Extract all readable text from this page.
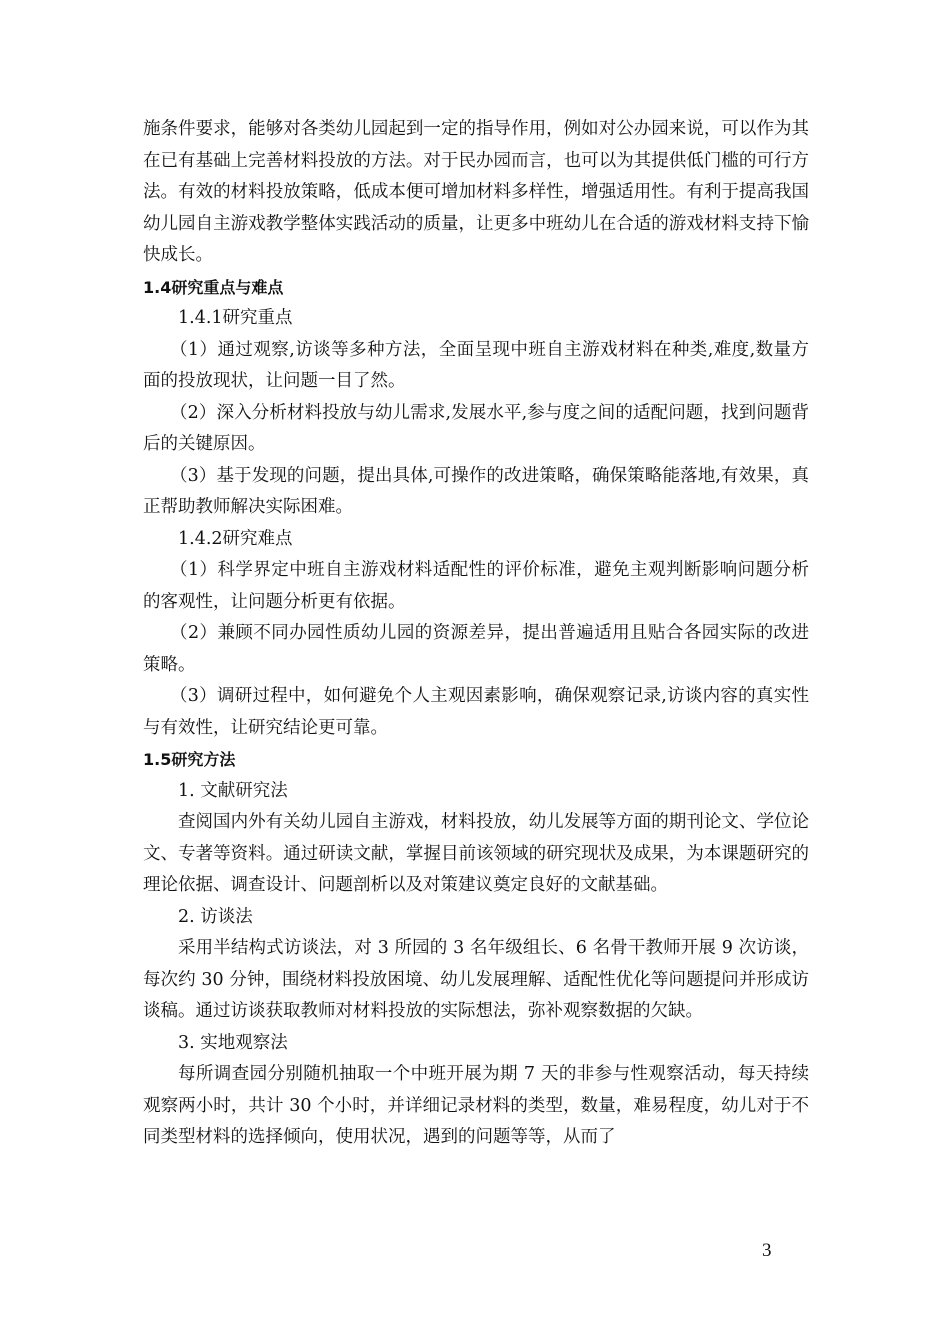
施条件要求，能够对各类幼儿园起到一定的指导作用，例如对公办园来说，可以作为其在已有基础上完善材料投放的方法。对于民办园而言，也可以为其提供低门槛的可行方法。有效的材料投放策略，低成本便可增加材料多样性，增强适用性。有利于提高我国幼儿园自主游戏教学整体实践活动的质量，让更多中班幼儿在合适的游戏材料支持下愉快成长。

1.4研究重点与难点

1.4.1研究重点

（1）通过观察,访谈等多种方法，全面呈现中班自主游戏材料在种类,难度,数量方面的投放现状，让问题一目了然。

（2）深入分析材料投放与幼儿需求,发展水平,参与度之间的适配问题，找到问题背后的关键原因。

（3）基于发现的问题，提出具体,可操作的改进策略，确保策略能落地,有效果，真正帮助教师解决实际困难。

1.4.2研究难点

（1）科学界定中班自主游戏材料适配性的评价标准，避免主观判断影响问题分析的客观性，让问题分析更有依据。

（2）兼顾不同办园性质幼儿园的资源差异，提出普遍适用且贴合各园实际的改进策略。

（3）调研过程中，如何避免个人主观因素影响，确保观察记录,访谈内容的真实性与有效性，让研究结论更可靠。

1.5研究方法

1. 文献研究法

查阅国内外有关幼儿园自主游戏，材料投放，幼儿发展等方面的期刊论文、学位论文、专著等资料。通过研读文献，掌握目前该领域的研究现状及成果，为本课题研究的理论依据、调查设计、问题剖析以及对策建议奠定良好的文献基础。

2. 访谈法

采用半结构式访谈法，对 3 所园的 3 名年级组长、6 名骨干教师开展 9 次访谈，每次约 30 分钟，围绕材料投放困境、幼儿发展理解、适配性优化等问题提问并形成访谈稿。通过访谈获取教师对材料投放的实际想法，弥补观察数据的欠缺。

3. 实地观察法

每所调查园分别随机抽取一个中班开展为期 7 天的非参与性观察活动，每天持续观察两小时，共计 30 个小时，并详细记录材料的类型，数量，难易程度，幼儿对于不同类型材料的选择倾向，使用状况，遇到的问题等等，从而了

3
